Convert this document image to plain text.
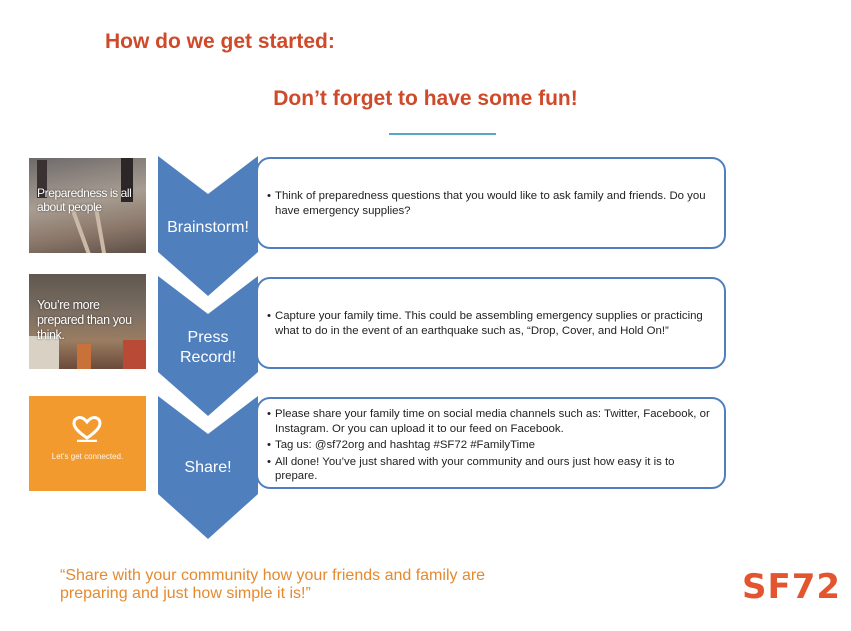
How do we get started:
Don’t forget to have some fun!
Preparedness is all about people
Brainstorm!
• Think of preparedness questions that you would like to ask family and friends. Do you have emergency supplies?
You’re more prepared than you think.	Press Record!
• Capture your family time. This could be assembling emergency supplies or practicing what to do in the event of an earthquake such as, “Drop, Cover, and Hold On!”
Let’s get connected.
Share!
• Please share your family time on social media channels such as: Twitter, Facebook, or Instagram. Or you can upload it to our feed on Facebook.
• Tag us: @sf72org and hashtag #SF72 #FamilyTime
• All done! You’ve just shared with your community and ours just how easy it is to prepare.

“Share with your community how your friends and family are preparing and just how simple it is!”	SF72
